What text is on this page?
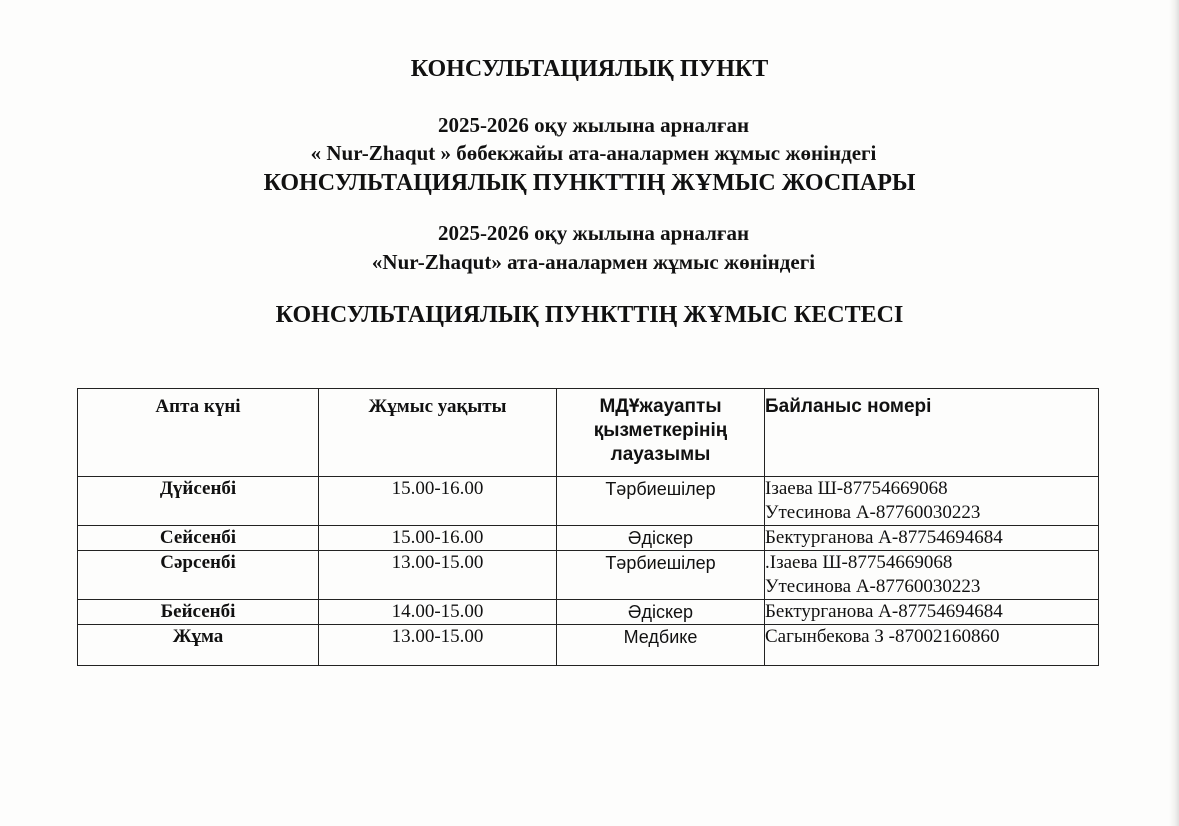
КОНСУЛЬТАЦИЯЛЫҚ ПУНКТ
2025-2026 оқу жылына арналған
« Nur-Zhaqut » бөбекжайы ата-аналармен жұмыс жөніндегі
КОНСУЛЬТАЦИЯЛЫҚ ПУНКТТІҢ ЖҰМЫС ЖОСПАРЫ
2025-2026 оқу жылына арналған
«Nur-Zhaqut» ата-аналармен жұмыс жөніндегі
КОНСУЛЬТАЦИЯЛЫҚ ПУНКТТІҢ ЖҰМЫС КЕСТЕСІ
Апта күні	Жұмыс уақыты	МДҰжауапты қызметкерінің лауазымы	Байланыс номері
Дүйсенбі	15.00-16.00	Тәрбиешілер	Ізаева Ш-87754669068
Утесинова А-87760030223

Сейсенбі	15.00-16.00	Әдіскер	Бектурганова А-87754694684

Сәрсенбі	13.00-15.00	Тәрбиешілер	.Ізаева Ш-87754669068
Утесинова А-87760030223

Бейсенбі	14.00-15.00	Әдіскер	Бектурганова А-87754694684

Жұма	13.00-15.00	Медбике	Сагынбекова З -87002160860
